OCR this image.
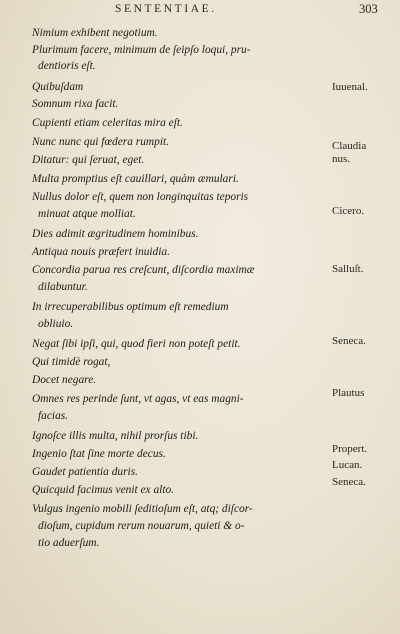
SENTENTIAE.	303

Nimium exhibent negotium.

Plurimum facere, minimum de ſeipſo loqui, pru-

dentioris eſt.

Quibuſdam

Somnum rixa facit.

Cupienti etiam celeritas mira eſt.

Nunc nunc qui fœdera rumpit.

Ditatur: qui ſeruat, eget.

Multa promptius eſt cauillari, quàm æmulari.

Nullus dolor eſt, quem non longinquitas teporis

minuat atque molliat.

Dies adimit ægritudinem hominibus.

Antiqua nouis præfert inuidia.

Concordia parua res creſcunt, diſcordia maximæ

dilabuntur.

In irrecuperabilibus optimum eſt remedium

obliuio.

Negat ſibi ipſi, qui, quod fieri non poteſt petit.

Qui timidè rogat,

Docet negare.

Omnes res perinde ſunt, vt agas, vt eas magni-

facias.

Ignoſce illis multa, nihil prorſus tibi.

Ingenio ſtat ſine morte decus.

Gaudet patientia duris.

Quicquid facimus venit ex alto.

Vulgus ingenio mobili ſeditioſum eſt, atq; diſcor-

dioſum, cupidum rerum nouarum, quieti & o-

tio aduerſum.

Iuuenal.

Claudia

nus.

Cicero.

Salluſt.

Seneca.

Plautus

Propert.

Lucan.

Seneca.
